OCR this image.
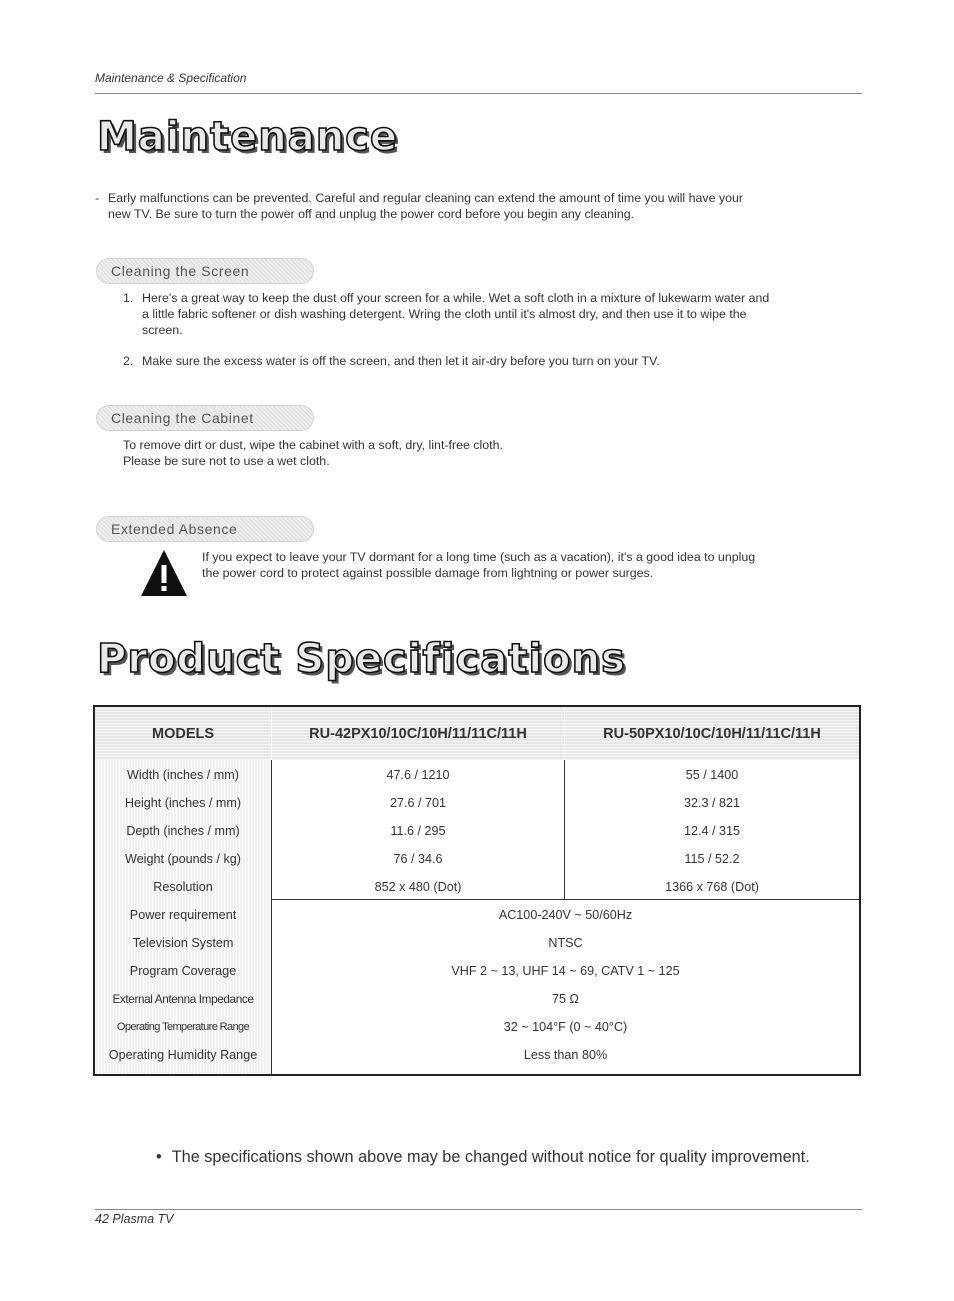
Maintenance & Specification
Maintenance
- Early malfunctions can be prevented. Careful and regular cleaning can extend the amount of time you will have your
new TV. Be sure to turn the power off and unplug the power cord before you begin any cleaning.
Cleaning the Screen
1. Here's a great way to keep the dust off your screen for a while. Wet a soft cloth in a mixture of lukewarm water and
a little fabric softener or dish washing detergent. Wring the cloth until it's almost dry, and then use it to wipe the
screen.
2. Make sure the excess water is off the screen, and then let it air-dry before you turn on your TV.
Cleaning the Cabinet
To remove dirt or dust, wipe the cabinet with a soft, dry, lint-free cloth.
Please be sure not to use a wet cloth.
Extended Absence
If you expect to leave your TV dormant for a long time (such as a vacation), it's a good idea to unplug
the power cord to protect against possible damage from lightning or power surges.
Product Specifications
MODELS	RU-42PX10/10C/10H/11/11C/11H	RU-50PX10/10C/10H/11/11C/11H
Width (inches / mm)	47.6 / 1210	55 / 1400
Height (inches / mm)	27.6 / 701	32.3 / 821
Depth (inches / mm)	11.6 / 295	12.4 / 315
Weight (pounds / kg)	76 / 34.6	115 / 52.2
Resolution	852 x 480 (Dot)	1366 x 768 (Dot)
Power requirement	AC100-240V ~ 50/60Hz
Television System	NTSC
Program Coverage	VHF 2 ~ 13, UHF 14 ~ 69, CATV 1 ~ 125
External Antenna Impedance	75 Ω
Operating Temperature Range	32 ~ 104°F (0 ~ 40°C)
Operating Humidity Range	Less than 80%
• The specifications shown above may be changed without notice for quality improvement.
42 Plasma TV
